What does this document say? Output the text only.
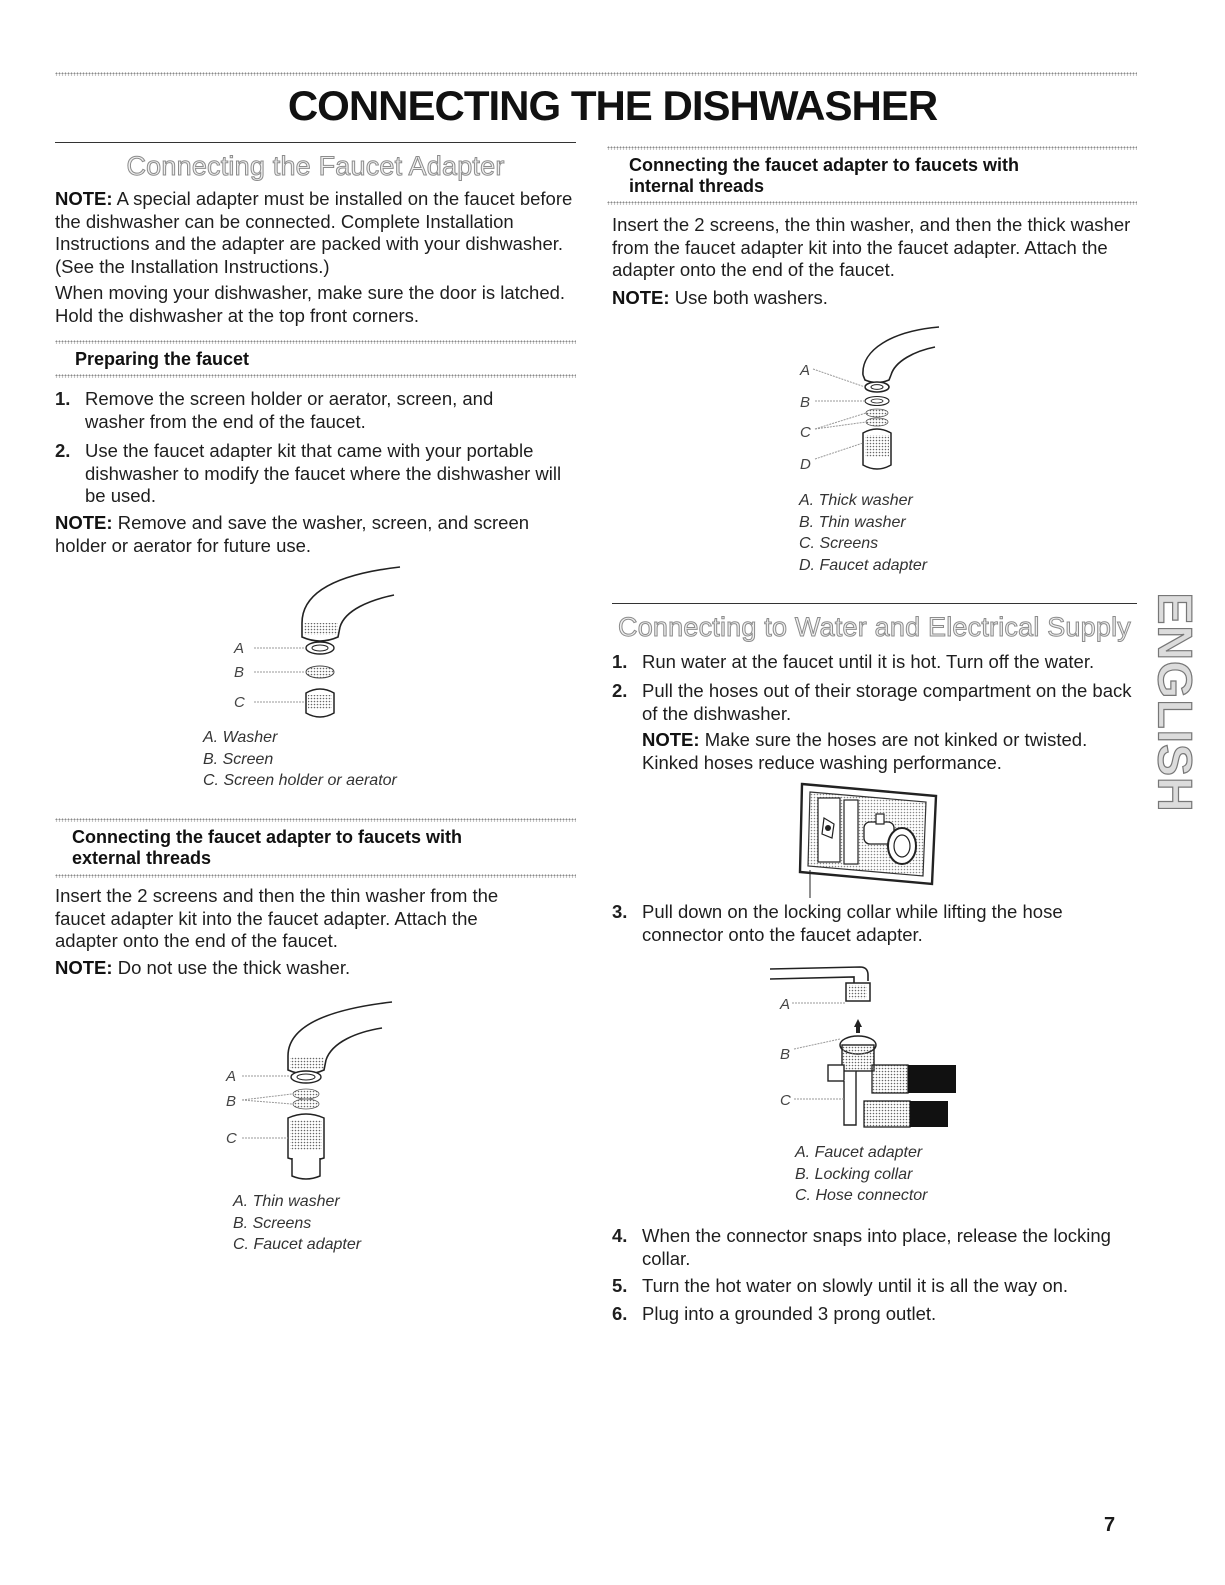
CONNECTING THE DISHWASHER
Connecting the Faucet Adapter

NOTE: A special adapter must be installed on the faucet before the dishwasher can be connected. Complete Installation Instructions and the adapter are packed with your dishwasher. (See the Installation Instructions.)

When moving your dishwasher, make sure the door is latched. Hold the dishwasher at the top front corners.

Preparing the faucet
1. Remove the screen holder or aerator, screen, and washer from the end of the faucet.
2. Use the faucet adapter kit that came with your portable dishwasher to modify the faucet where the dishwasher will be used.

NOTE: Remove and save the washer, screen, and screen holder or aerator for future use.

A
B
C
A. Washer
B. Screen
C. Screen holder or aerator
Connecting the faucet adapter to faucets with external threads

Insert the 2 screens and then the thin washer from the faucet adapter kit into the faucet adapter. Attach the adapter onto the end of the faucet.

NOTE: Do not use the thick washer.

A
B
C
A. Thin washer
B. Screens
C. Faucet adapter
Connecting the faucet adapter to faucets with internal threads

Insert the 2 screens, the thin washer, and then the thick washer from the faucet adapter kit into the faucet adapter. Attach the adapter onto the end of the faucet.

NOTE: Use both washers.

A
B
C
D
A. Thick washer
B. Thin washer
C. Screens
D. Faucet adapter
Connecting to Water and Electrical Supply
1. Run water at the faucet until it is hot. Turn off the water.
2. Pull the hoses out of their storage compartment on the back of the dishwasher.

NOTE: Make sure the hoses are not kinked or twisted. Kinked hoses reduce washing performance.

3. Pull down on the locking collar while lifting the hose connector onto the faucet adapter.
A
B
C
A. Faucet adapter
B. Locking collar
C. Hose connector
4. When the connector snaps into place, release the locking collar.
5. Turn the hot water on slowly until it is all the way on.
6. Plug into a grounded 3 prong outlet.
ENGLISH
7
